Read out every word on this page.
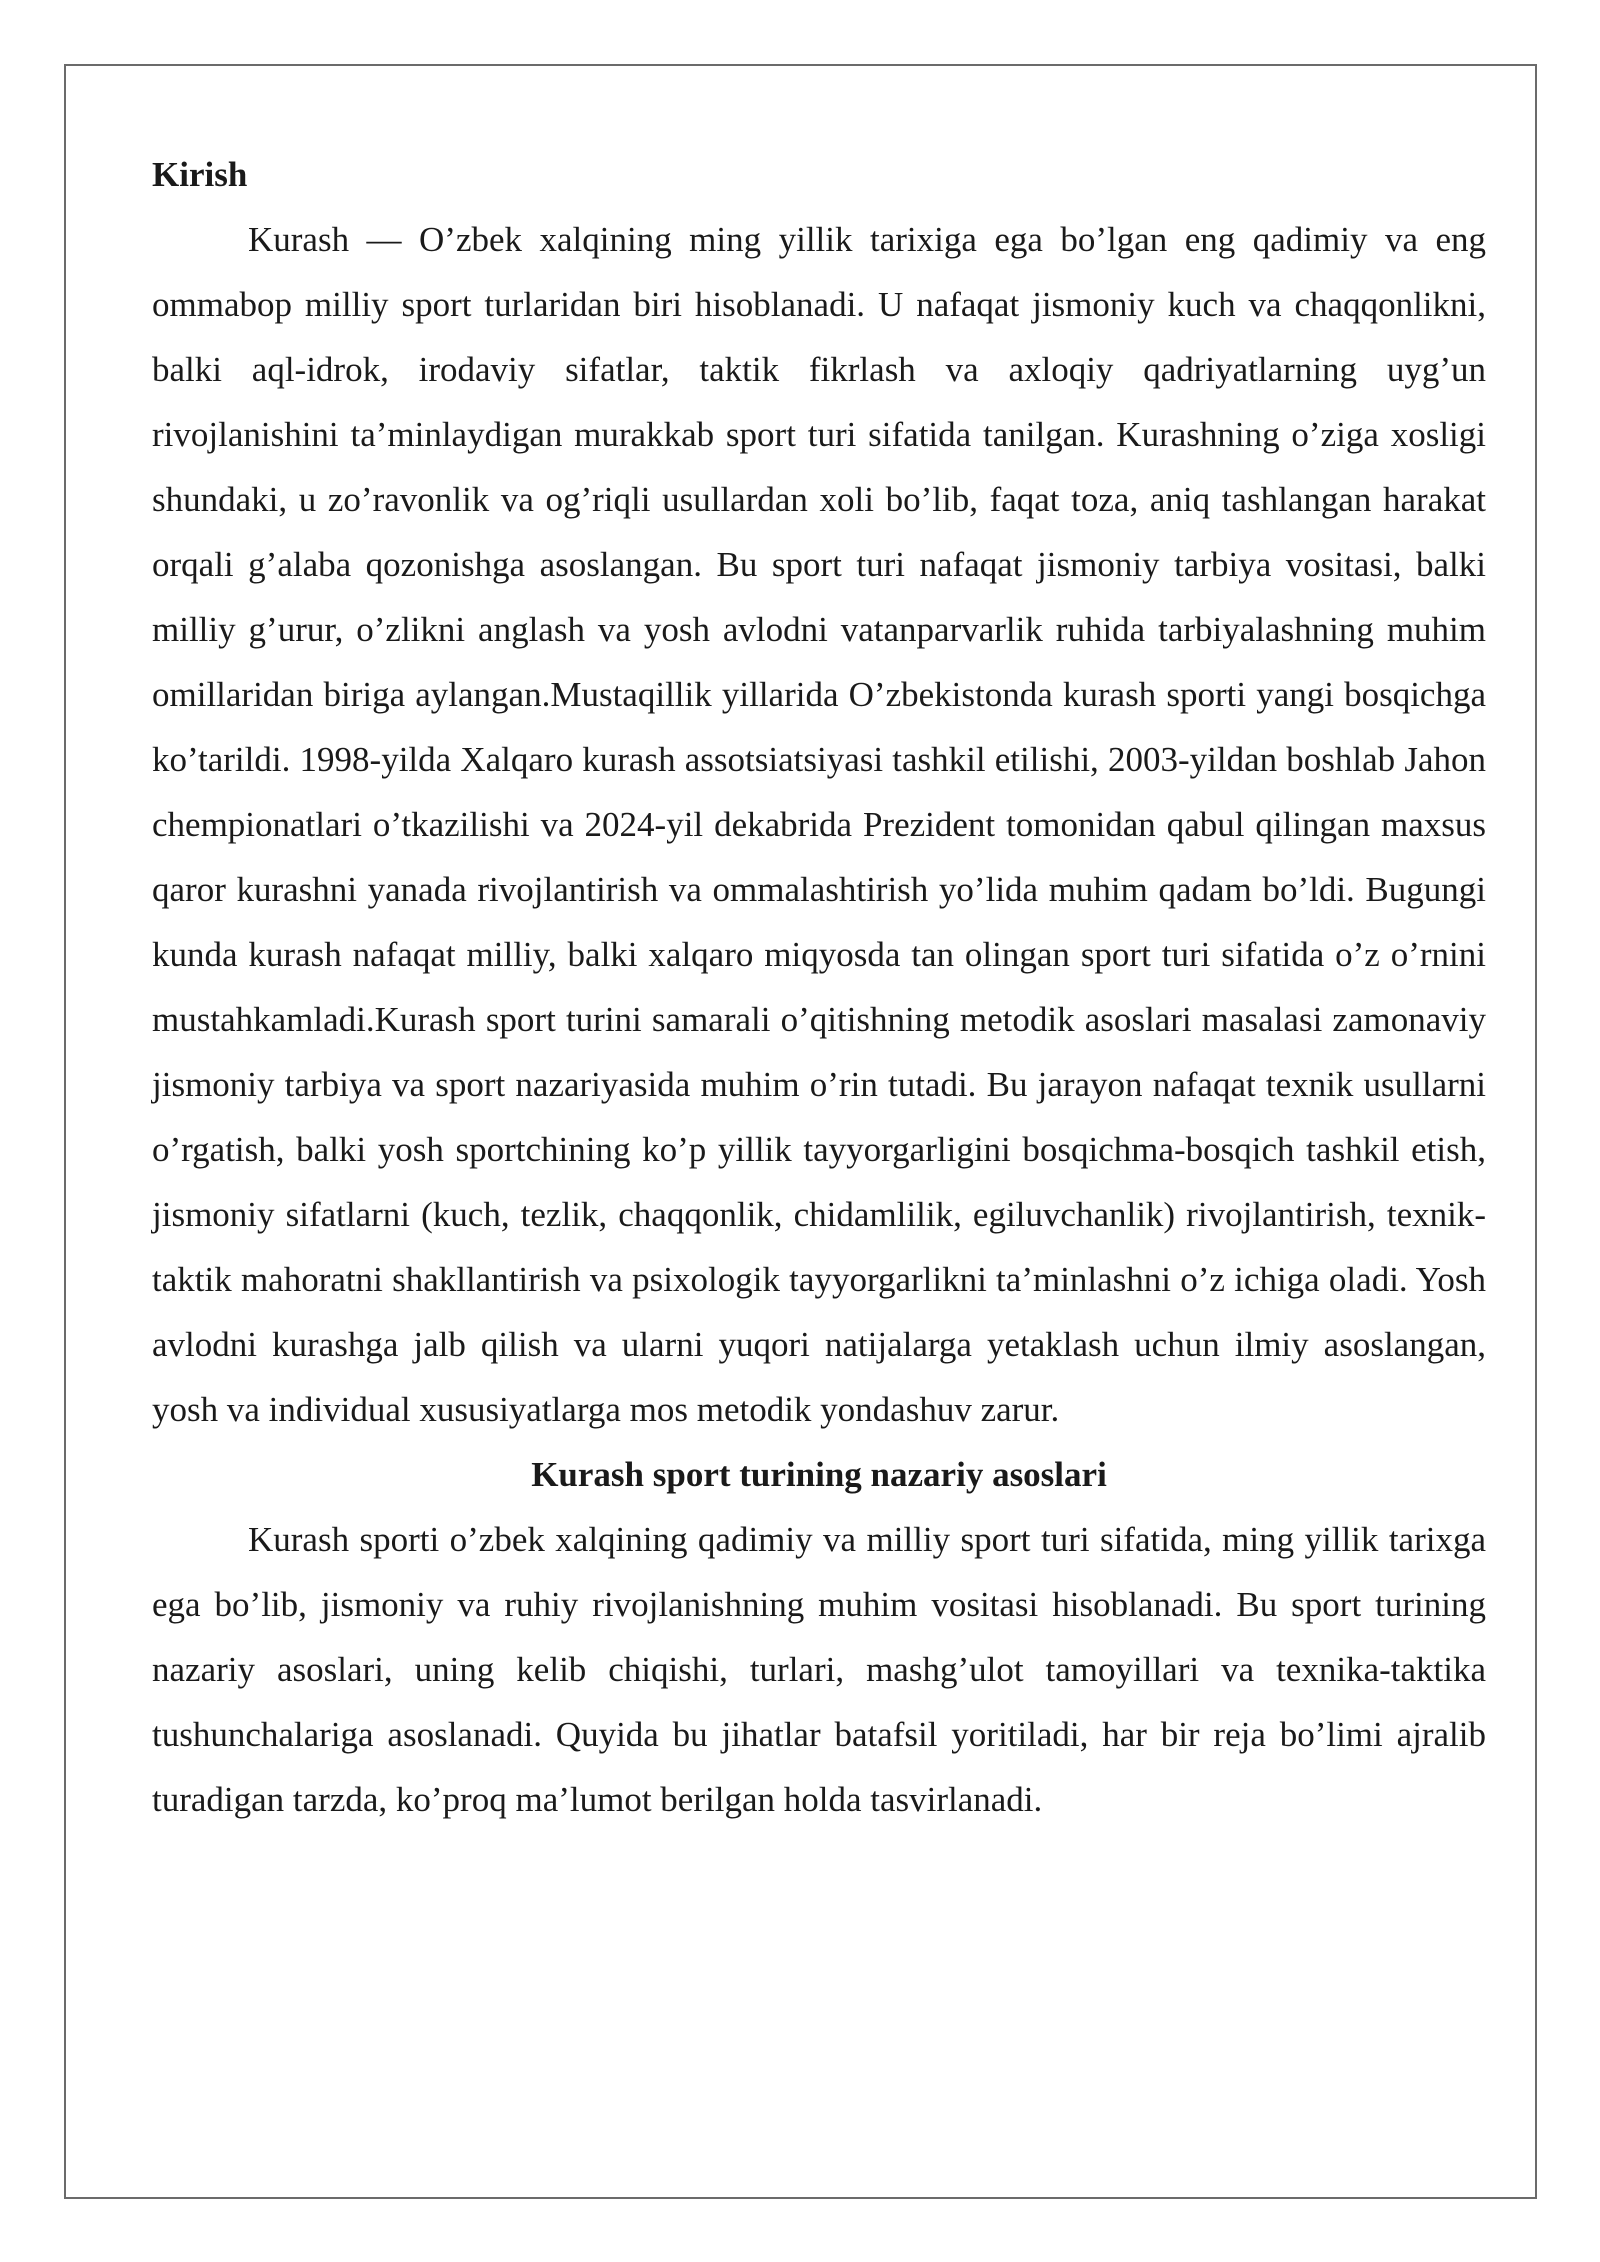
Kirish

Kurash — O’zbek xalqining ming yillik tarixiga ega bo’lgan eng qadimiy va eng ommabop milliy sport turlaridan biri hisoblanadi. U nafaqat jismoniy kuch va chaqqonlikni, balki aql-idrok, irodaviy sifatlar, taktik fikrlash va axloqiy qadriyatlarning uyg’un rivojlanishini ta’minlaydigan murakkab sport turi sifatida tanilgan. Kurashning o’ziga xosligi shundaki, u zo’ravonlik va og’riqli usullardan xoli bo’lib, faqat toza, aniq tashlangan harakat orqali g’alaba qozonishga asoslangan. Bu sport turi nafaqat jismoniy tarbiya vositasi, balki milliy g’urur, o’zlikni anglash va yosh avlodni vatanparvarlik ruhida tarbiyalashning muhim omillaridan biriga aylangan.Mustaqillik yillarida O’zbekistonda kurash sporti yangi bosqichga ko’tarildi. 1998-yilda Xalqaro kurash assotsiatsiyasi tashkil etilishi, 2003-yildan boshlab Jahon chempionatlari o’tkazilishi va 2024-yil dekabrida Prezident tomonidan qabul qilingan maxsus qaror kurashni yanada rivojlantirish va ommalashtirish yo’lida muhim qadam bo’ldi. Bugungi kunda kurash nafaqat milliy, balki xalqaro miqyosda tan olingan sport turi sifatida o’z o’rnini mustahkamladi.Kurash sport turini samarali o’qitishning metodik asoslari masalasi zamonaviy jismoniy tarbiya va sport nazariyasida muhim o’rin tutadi. Bu jarayon nafaqat texnik usullarni o’rgatish, balki yosh sportchining ko’p yillik tayyorgarligini bosqichma-bosqich tashkil etish, jismoniy sifatlarni (kuch, tezlik, chaqqonlik, chidamlilik, egiluvchanlik) rivojlantirish, texnik-taktik mahoratni shakllantirish va psixologik tayyorgarlikni ta’minlashni o’z ichiga oladi. Yosh avlodni kurashga jalb qilish va ularni yuqori natijalarga yetaklash uchun ilmiy asoslangan, yosh va individual xususiyatlarga mos metodik yondashuv zarur.

Kurash sport turining nazariy asoslari

Kurash sporti o’zbek xalqining qadimiy va milliy sport turi sifatida, ming yillik tarixga ega bo’lib, jismoniy va ruhiy rivojlanishning muhim vositasi hisoblanadi. Bu sport turining nazariy asoslari, uning kelib chiqishi, turlari, mashg’ulot tamoyillari va texnika-taktika tushunchalariga asoslanadi. Quyida bu jihatlar batafsil yoritiladi, har bir reja bo’limi ajralib turadigan tarzda, ko’proq ma’lumot berilgan holda tasvirlanadi.
